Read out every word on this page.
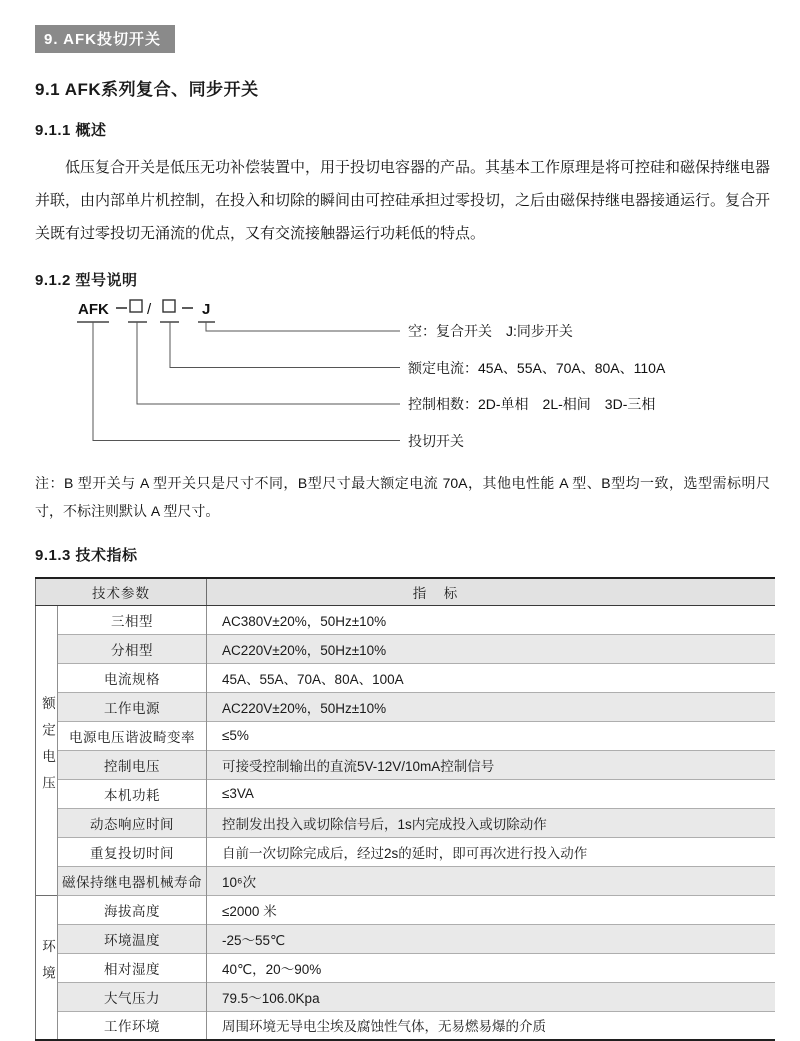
9. AFK投切开关
9.1 AFK系列复合、同步开关
9.1.1 概述

低压复合开关是低压无功补偿装置中，用于投切电容器的产品。其基本工作原理是将可控硅和磁保持继电器并联，由内部单片机控制，在投入和切除的瞬间由可控硅承担过零投切，之后由磁保持继电器接通运行。复合开关既有过零投切无涌流的优点，又有交流接触器运行功耗低的特点。

9.1.2 型号说明
AFK	/	J
空：复合开关　J:同步开关
额定电流：45A、55A、70A、80A、110A
控制相数：2D-单相　2L-相间　3D-三相
投切开关

注：B 型开关与 A 型开关只是尺寸不同，B型尺寸最大额定电流 70A，其他电性能 A 型、B型均一致，选型需标明尺寸，不标注则默认 A 型尺寸。

9.1.3 技术指标
技术参数		指　标
额定电压	三相型	AC380V±20%，50Hz±10%
	分相型	AC220V±20%，50Hz±10%
	电流规格	45A、55A、70A、80A、100A
	工作电源	AC220V±20%，50Hz±10%
	电源电压谐波畸变率	≤5%
	控制电压	可接受控制输出的直流5V-12V/10mA控制信号
	本机功耗	≤3VA
	动态响应时间	控制发出投入或切除信号后，1s内完成投入或切除动作
	重复投切时间	自前一次切除完成后，经过2s的延时，即可再次进行投入动作
	磁保持继电器机械寿命	10⁶次
环境	海拔高度	≤2000 米
	环境温度	-25～55℃
	相对湿度	40℃，20～90%
	大气压力	79.5～106.0Kpa
	工作环境	周围环境无导电尘埃及腐蚀性气体，无易燃易爆的介质
